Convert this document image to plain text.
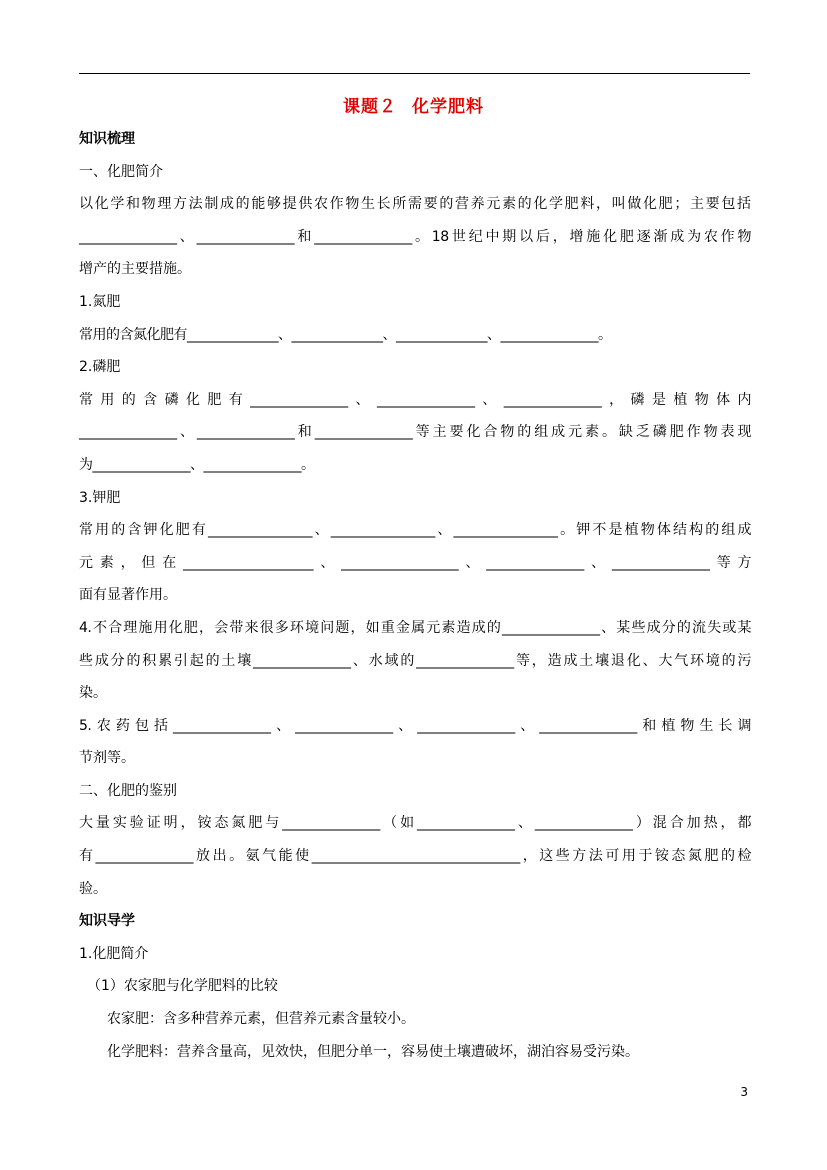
课题２ 化学肥料
知识梳理
一、化肥简介
以化学和物理方法制成的能够提供农作物生长所需要的营养元素的化学肥料，叫做化肥；主要包括
_______________、_______________和_______________。18世纪中期以后，增施化肥逐渐成为农作物
增产的主要措施。
1.氮肥
常用的含氮化肥有______________、______________、______________、_______________。
2.磷肥
常用的含磷化肥有_______________、_______________、_______________，磷是植物体内
_______________、_______________和_______________等主要化合物的组成元素。缺乏磷肥作物表现
为_______________、_______________。
3.钾肥
常用的含钾化肥有________________、________________、________________。钾不是植物体结构的组成
元素，但在____________________、__________________、_______________、_______________等方
面有显著作用。
4.不合理施用化肥，会带来很多环境问题，如重金属元素造成的_______________、某些成分的流失或某
些成分的积累引起的土壤_______________、水域的_______________等，造成土壤退化、大气环境的污
染。
5.农药包括_______________、_______________、_______________、_______________和植物生长调
节剂等。
二、化肥的鉴别
大量实验证明，铵态氮肥与_______________（如_______________、_______________）混合加热，都
有_______________放出。氨气能使________________________________，这些方法可用于铵态氮肥的检
验。
知识导学
1.化肥简介
（1）农家肥与化学肥料的比较
农家肥：含多种营养元素，但营养元素含量较小。
化学肥料：营养含量高，见效快，但肥分单一，容易使土壤遭破坏，湖泊容易受污染。
3
